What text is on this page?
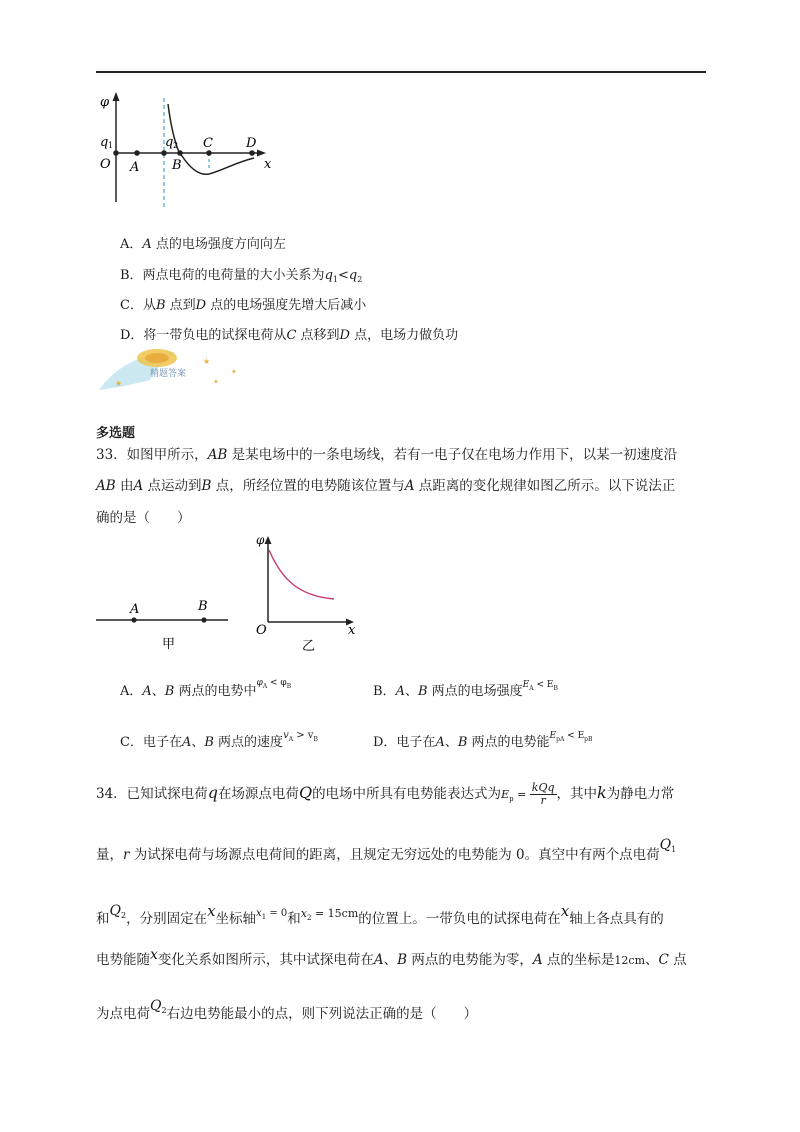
φ
q 1	q 2
O A	B
C	D
x
A．A 点的电场强度方向向左
B．两点电荷的电荷量的大小关系为$q_1<q_2$
C．从B 点到D 点的电场强度先增大后减小
D．将一带负电的试探电荷从C 点移到D 点，电场力做负功
精题答案
★
★
✦
✦
多选题
33．如图甲所示，AB 是某电场中的一条电场线，若有一电子仅在电场力作用下，以某一初速度沿
AB 由A 点运动到B 点，所经位置的电势随该位置与A 点距离的变化规律如图乙所示。以下说法正
确的是（　　）
A	B
甲
φ
O	x
乙
A．A、B 两点的电势中$^{\varphi_A < \varphi_B}$	B．A、B 两点的电场强度$^{E_A < E_B}$
C．电子在A、B 两点的速度$^{v_A > v_B}$	D．电子在A、B 两点的电势能$^{E_{pA} < E_{pB}}$
34．已知试探电荷q在场源点电荷Q的电场中所具有电势能表达式为$E_p = \frac{\text{kQq}}{r}$ ，其中k为静电力常
量，r 为试探电荷与场源点电荷间的距离，且规定无穷远处的电势能为 0。真空中有两个点电荷$Q_1$
和$Q_2$，分别固定在x坐标轴$^{x_1 = 0}$和$^{x_2 = 15cm}$的位置上。一带负电的试探电荷在x轴上各点具有的
电势能随x变化关系如图所示，其中试探电荷在A、B 两点的电势能为零，A 点的坐标是12cm、C 点
为点电荷$Q_2$右边电势能最小的点，则下列说法正确的是（　　）
